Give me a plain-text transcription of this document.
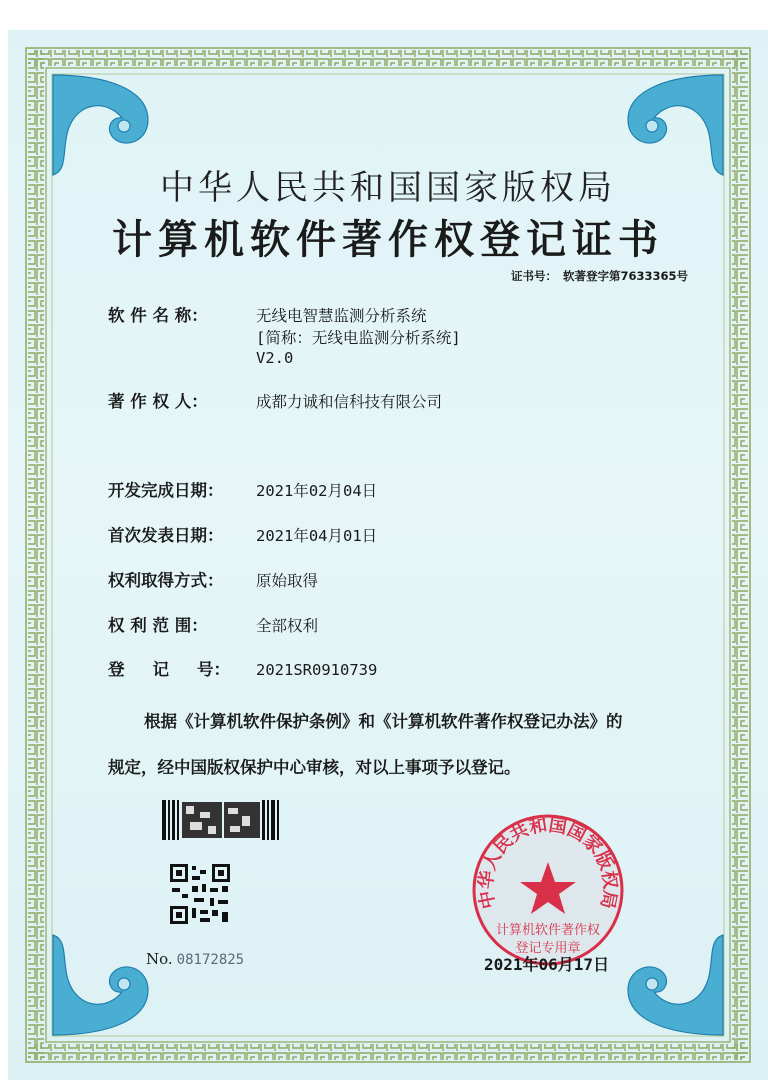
中华人民共和国国家版权局
计算机软件著作权登记证书
证书号： 软著登字第7633365号
软 件 名 称：	无线电智慧监测分析系统
[简称：无线电监测分析系统]
V2.0
著 作 权 人：	成都力诚和信科技有限公司
开发完成日期： 2021年02月04日
首次发表日期： 2021年04月01日
权利取得方式： 原始取得
权 利 范 围：	全部权利
登 　 记 　 号： 2021SR0910739
根据《计算机软件保护条例》和《计算机软件著作权登记办法》的
规定，经中国版权保护中心审核，对以上事项予以登记。
No. 08172825
中华人民共和国国家版权局
计算机软件著作权
登记专用章
2021年06月17日
